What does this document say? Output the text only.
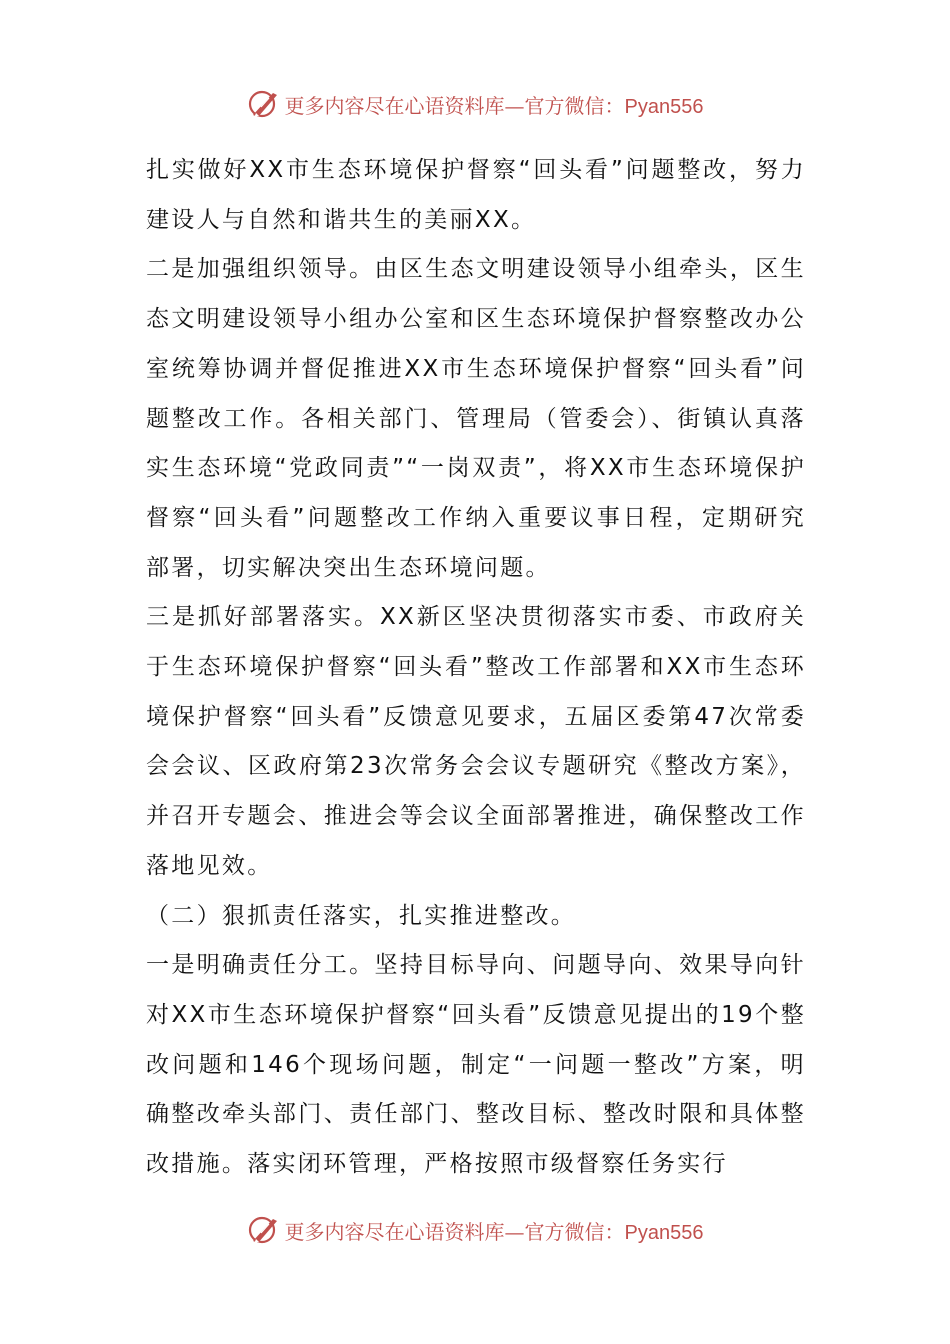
更多内容尽在心语资料库—官方微信：Pyan556

扎实做好XX市生态环境保护督察“回头看”问题整改，努力建设人与自然和谐共生的美丽XX。

二是加强组织领导。由区生态文明建设领导小组牵头，区生态文明建设领导小组办公室和区生态环境保护督察整改办公室统筹协调并督促推进XX市生态环境保护督察“回头看”问题整改工作。各相关部门、管理局（管委会）、街镇认真落实生态环境“党政同责”“一岗双责”，将XX市生态环境保护督察“回头看”问题整改工作纳入重要议事日程，定期研究部署，切实解决突出生态环境问题。

三是抓好部署落实。XX新区坚决贯彻落实市委、市政府关于生态环境保护督察“回头看”整改工作部署和XX市生态环境保护督察“回头看”反馈意见要求，五届区委第47次常委会会议、区政府第23次常务会会议专题研究《整改方案》，并召开专题会、推进会等会议全面部署推进，确保整改工作落地见效。

（二）狠抓责任落实，扎实推进整改。

一是明确责任分工。坚持目标导向、问题导向、效果导向针对XX市生态环境保护督察“回头看”反馈意见提出的19个整改问题和146个现场问题，制定“一问题一整改”方案，明确整改牵头部门、责任部门、整改目标、整改时限和具体整改措施。落实闭环管理，严格按照市级督察任务实行

更多内容尽在心语资料库—官方微信：Pyan556
